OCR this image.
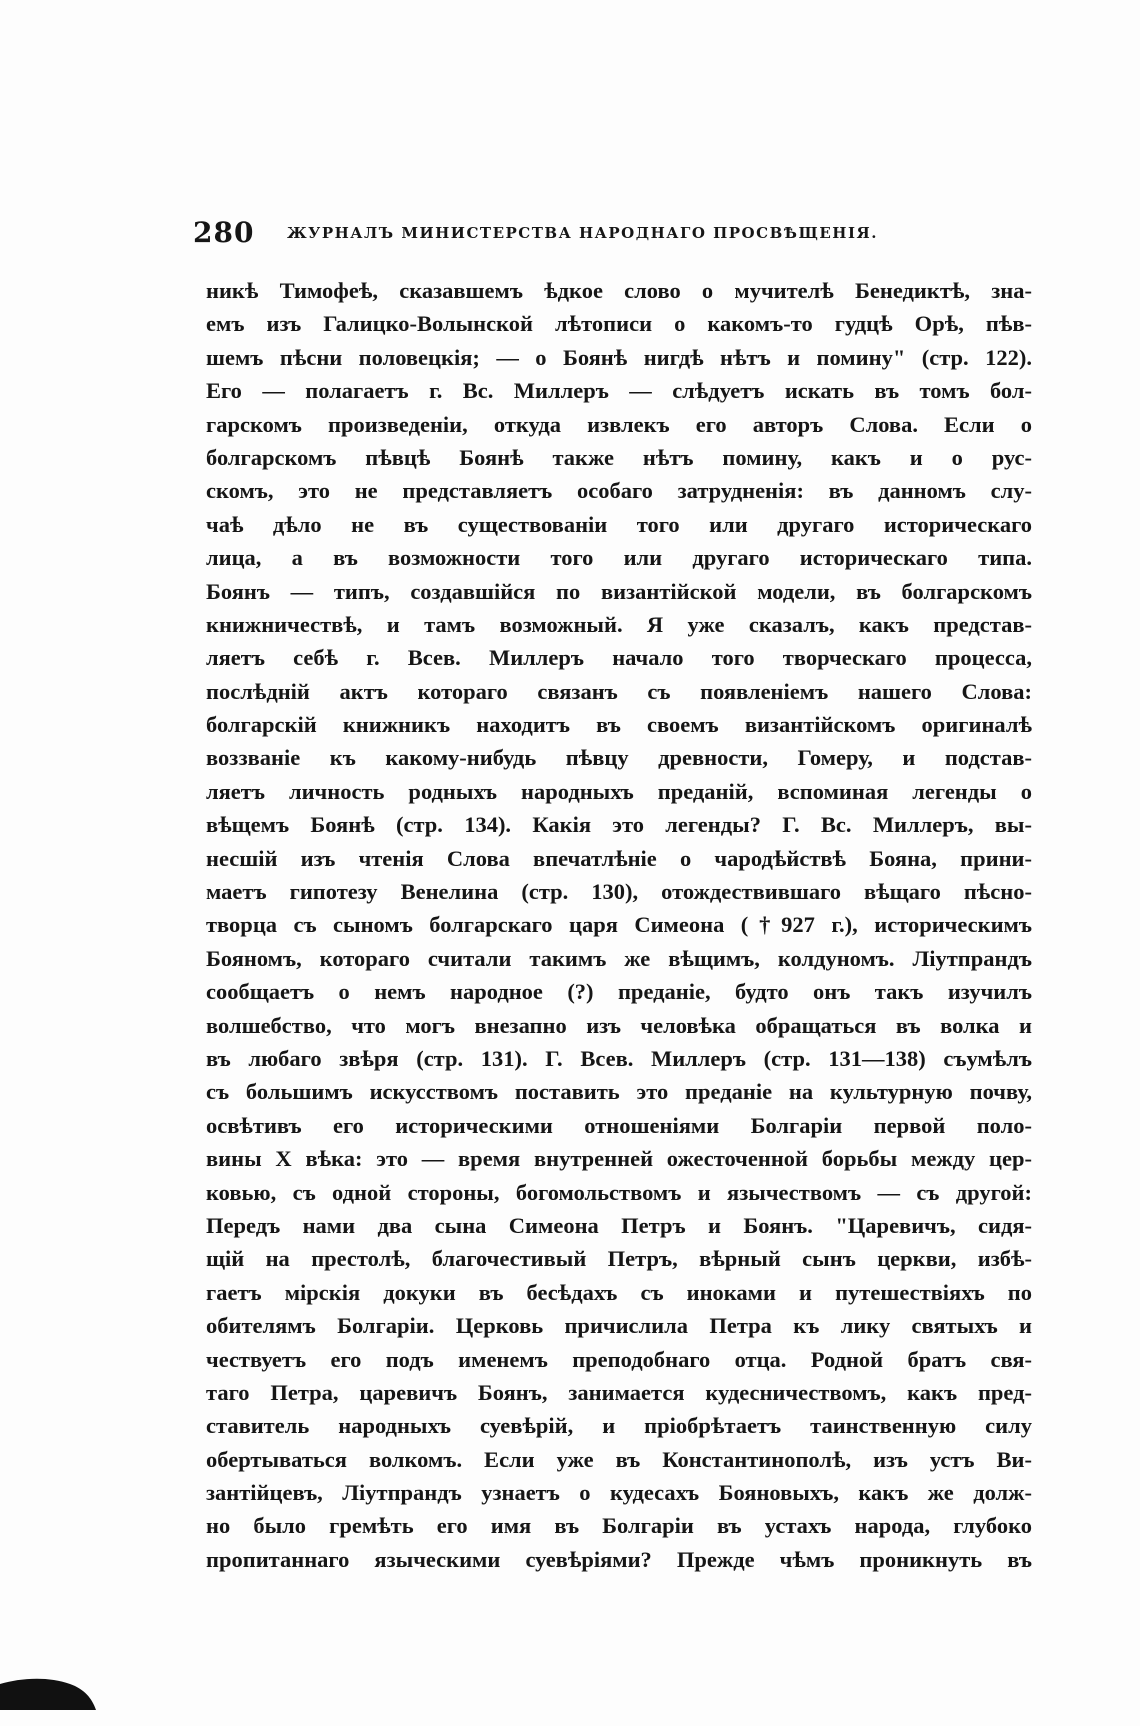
280 ЖУРНАЛЪ МИНИСТЕРСТВА НАРОДНАГО ПРОСВѢЩЕНІЯ.
никѣ Тимофеѣ, сказавшемъ ѣдкое слово о мучителѣ Бенедиктѣ, зна-
емъ изъ Галицко-Волынской лѣтописи о какомъ-то гудцѣ Орѣ, пѣв-
шемъ пѣсни половецкія; — о Боянѣ нигдѣ нѣтъ и помину" (стр. 122).
Его — полагаетъ г. Вс. Миллеръ — слѣдуетъ искать въ томъ бол-
гарскомъ произведеніи, откуда извлекъ его авторъ Слова. Если о
болгарскомъ пѣвцѣ Боянѣ также нѣтъ помину, какъ и о рус-
скомъ, это не представляетъ особаго затрудненія: въ данномъ слу-
чаѣ дѣло не въ существованіи того или другаго историческаго
лица, а въ возможности того или другаго историческаго типа.
Боянъ — типъ, создавшійся по византійской модели, въ болгарскомъ
книжничествѣ, и тамъ возможный. Я уже сказалъ, какъ представ-
ляетъ себѣ г. Всев. Миллеръ начало того творческаго процесса,
послѣдній актъ котораго связанъ съ появленіемъ нашего Слова:
болгарскій книжникъ находитъ въ своемъ византійскомъ оригиналѣ
воззваніе къ какому-нибудь пѣвцу древности, Гомеру, и подстав-
ляетъ личность родныхъ народныхъ преданій, вспоминая легенды о
вѣщемъ Боянѣ (стр. 134). Какія это легенды? Г. Вс. Миллеръ, вы-
несшій изъ чтенія Слова впечатлѣніе о чародѣйствѣ Бояна, прини-
маетъ гипотезу Венелина (стр. 130), отождествившаго вѣщаго пѣсно-
творца съ сыномъ болгарскаго царя Симеона (†927 г.), историческимъ
Бояномъ, котораго считали такимъ же вѣщимъ, колдуномъ. Ліутпрандъ
сообщаетъ о немъ народное (?) преданіе, будто онъ такъ изучилъ
волшебство, что могъ внезапно изъ человѣка обращаться въ волка и
въ любаго звѣря (стр. 131). Г. Всев. Миллеръ (стр. 131—138) съумѣлъ
съ большимъ искусствомъ поставить это преданіе на культурную почву,
освѣтивъ его историческими отношеніями Болгаріи первой поло-
вины X вѣка: это — время внутренней ожесточенной борьбы между цер-
ковью, съ одной стороны, богомольствомъ и язычествомъ — съ другой:
Передъ нами два сына Симеона Петръ и Боянъ. "Царевичъ, сидя-
щій на престолѣ, благочестивый Петръ, вѣрный сынъ церкви, избѣ-
гаетъ мірскія докуки въ бесѣдахъ съ иноками и путешествіяхъ по
обителямъ Болгаріи. Церковь причислила Петра къ лику святыхъ и
чествуетъ его подъ именемъ преподобнаго отца. Родной братъ свя-
таго Петра, царевичъ Боянъ, занимается кудесничествомъ, какъ пред-
ставитель народныхъ суевѣрій, и пріобрѣтаетъ таинственную силу
обертываться волкомъ. Если уже въ Константинополѣ, изъ устъ Ви-
зантійцевъ, Ліутпрандъ узнаетъ о кудесахъ Бояновыхъ, какъ же долж-
но было гремѣть его имя въ Болгаріи въ устахъ народа, глубоко
пропитаннаго языческими суевѣріями? Прежде чѣмъ проникнуть въ
